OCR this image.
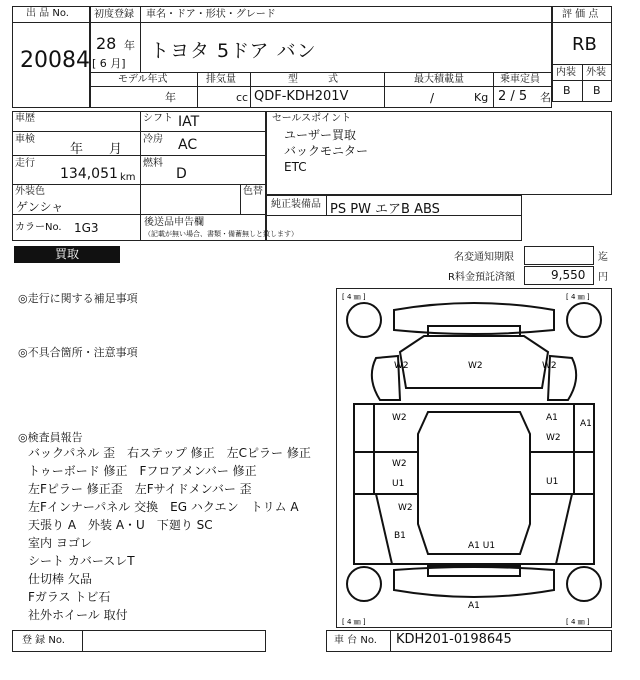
出 品 No.
20084
初度登録
28 年
[ 6 月]
車名・ドア・形状・グレード
トヨタ 5ドア バン
モデル年式
年
排気量
cc
型　　　式
QDF-KDH201V
最大積載量
/	Kg
乗車定員
2 / 5 名
評 価 点
RB
内装 外装
B B
車歴	シフト IAT
車検
年　　月
冷房 AC
走行
134,051 km
燃料
D
外装色
ゲンシャ
色替
カラーNo. 1G3	後送品申告欄
（記載が無い場合、書類・備蓄無しと致します）
セールスポイント
ユーザー買取
バックモニター
ETC
純正装備品 PS PW エアB ABS
買取	名変通知期限	迄
R料金預託済額	9,550 円
◎走行に関する補足事項
◎不具合箇所・注意事項
◎検査員報告
バックパネル 歪　右ステップ 修正　左Cピラー 修正
トゥーボード 修正　Fフロアメンバー 修正
左Fピラー 修正歪　左Fサイドメンバー 歪
左Fインナーパネル 交換　EG ハクエン　トリム A
天張り A　外装 A・U　下廻り SC
室内 ヨゴレ
シート カバースレT
仕切棒 欠品
Fガラス トビ石
社外ホイール 取付
[ 4 ㎜ ]	[ 4 ㎜ ]
[ 4 ㎜ ]	[ 4 ㎜ ]
W2	W2	W2
W2	A1
A1
W2
W2
U1	U1
W2
B1
A1 U1
A1
登 録 No.	車 台 No. KDH201-0198645
